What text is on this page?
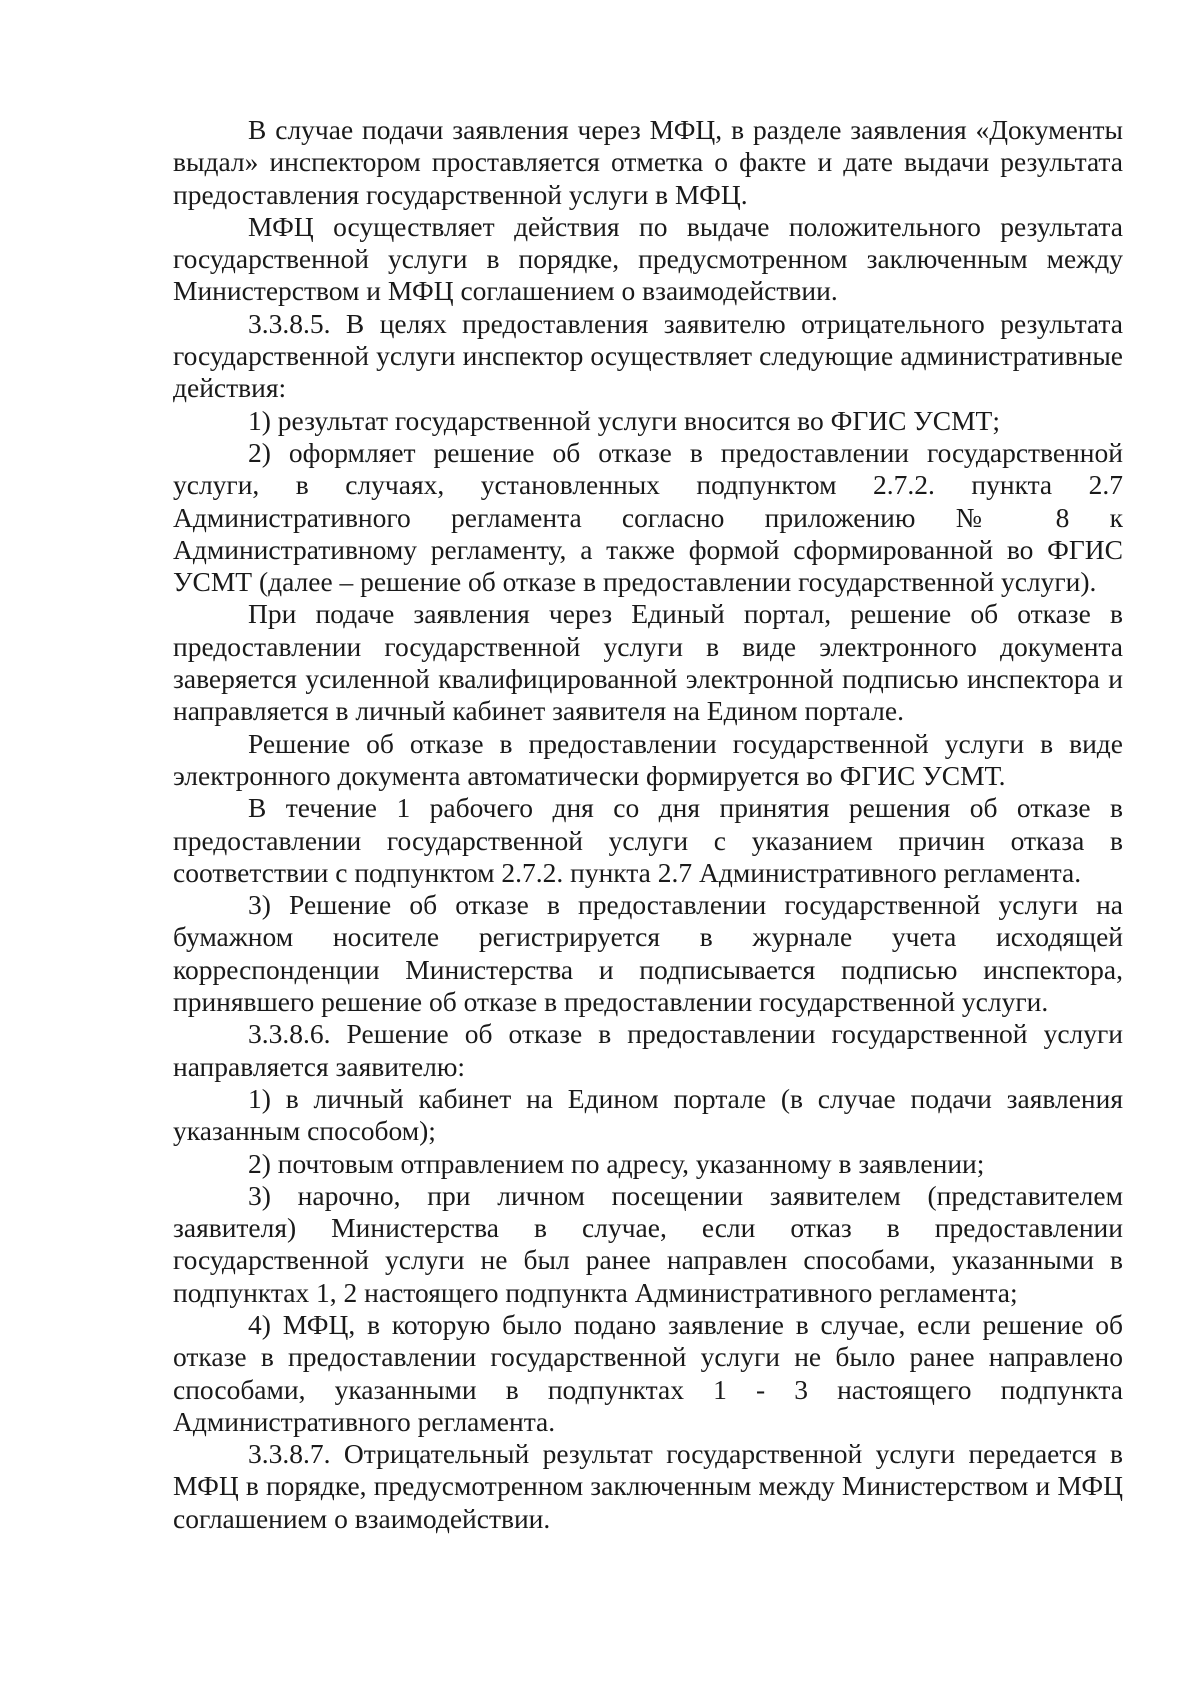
В случае подачи заявления через МФЦ, в разделе заявления «Документы выдал» инспектором проставляется отметка о факте и дате выдачи результата предоставления государственной услуги в МФЦ.

МФЦ осуществляет действия по выдаче положительного результата государственной услуги в порядке, предусмотренном заключенным между Министерством и МФЦ соглашением о взаимодействии.

3.3.8.5. В целях предоставления заявителю отрицательного результата государственной услуги инспектор осуществляет следующие административные действия:

1) результат государственной услуги вносится во ФГИС УСМТ;

2) оформляет решение об отказе в предоставлении государственной услуги, в случаях, установленных подпунктом 2.7.2. пункта 2.7 Административного регламента согласно приложению № 8 к Административному регламенту, а также формой сформированной во ФГИС УСМТ (далее – решение об отказе в предоставлении государственной услуги).

При подаче заявления через Единый портал, решение об отказе в предоставлении государственной услуги в виде электронного документа заверяется усиленной квалифицированной электронной подписью инспектора и направляется в личный кабинет заявителя на Едином портале.

Решение об отказе в предоставлении государственной услуги в виде электронного документа автоматически формируется во ФГИС УСМТ.

В течение 1 рабочего дня со дня принятия решения об отказе в предоставлении государственной услуги с указанием причин отказа в соответствии с подпунктом 2.7.2. пункта 2.7 Административного регламента.

3) Решение об отказе в предоставлении государственной услуги на бумажном носителе регистрируется в журнале учета исходящей корреспонденции Министерства и подписывается подписью инспектора, принявшего решение об отказе в предоставлении государственной услуги.

3.3.8.6. Решение об отказе в предоставлении государственной услуги направляется заявителю:

1) в личный кабинет на Едином портале (в случае подачи заявления указанным способом);

2) почтовым отправлением по адресу, указанному в заявлении;

3) нарочно, при личном посещении заявителем (представителем заявителя) Министерства в случае, если отказ в предоставлении государственной услуги не был ранее направлен способами, указанными в подпунктах 1, 2 настоящего подпункта Административного регламента;

4) МФЦ, в которую было подано заявление в случае, если решение об отказе в предоставлении государственной услуги не было ранее направлено способами, указанными в подпунктах 1 - 3 настоящего подпункта Административного регламента.

3.3.8.7. Отрицательный результат государственной услуги передается в МФЦ в порядке, предусмотренном заключенным между Министерством и МФЦ соглашением о взаимодействии.
